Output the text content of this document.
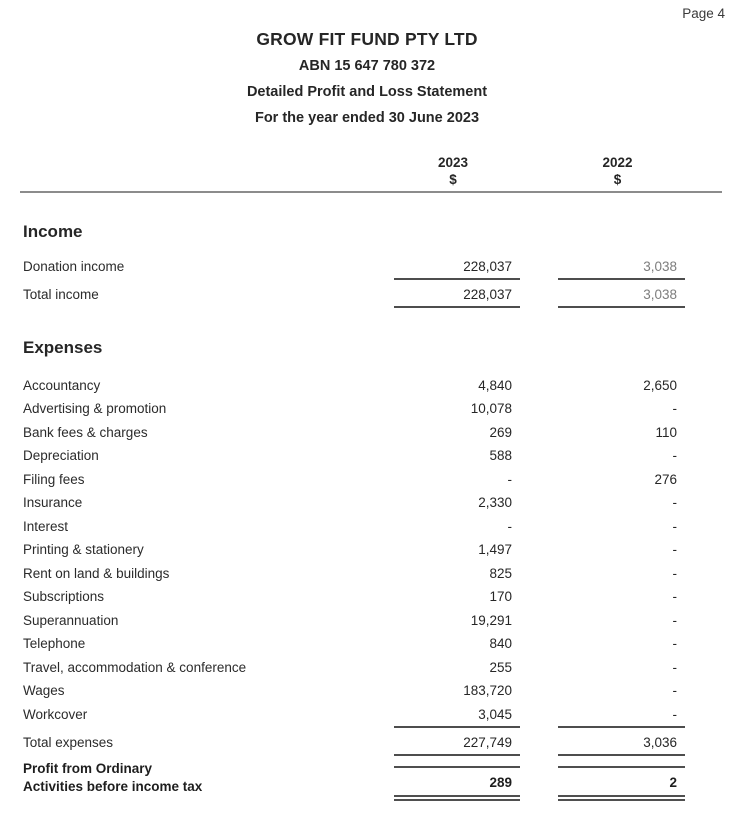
Page 4
GROW FIT FUND PTY LTD
ABN 15 647 780 372
Detailed Profit and Loss Statement
For the year ended 30 June 2023
2023
$
2022
$
Income
Donation income	228,037	3,038
Total income	228,037	3,038
Expenses
Accountancy	4,840	2,650
Advertising & promotion	10,078	-
Bank fees & charges	269	110
Depreciation	588	-
Filing fees	-	276
Insurance	2,330	-
Interest	-	-
Printing & stationery	1,497	-
Rent on land & buildings	825	-
Subscriptions	170	-
Superannuation	19,291	-
Telephone	840	-
Travel, accommodation & conference	255	-
Wages	183,720	-
Workcover	3,045	-
Total expenses	227,749	3,036
Profit from Ordinary Activities before income tax	289	2
